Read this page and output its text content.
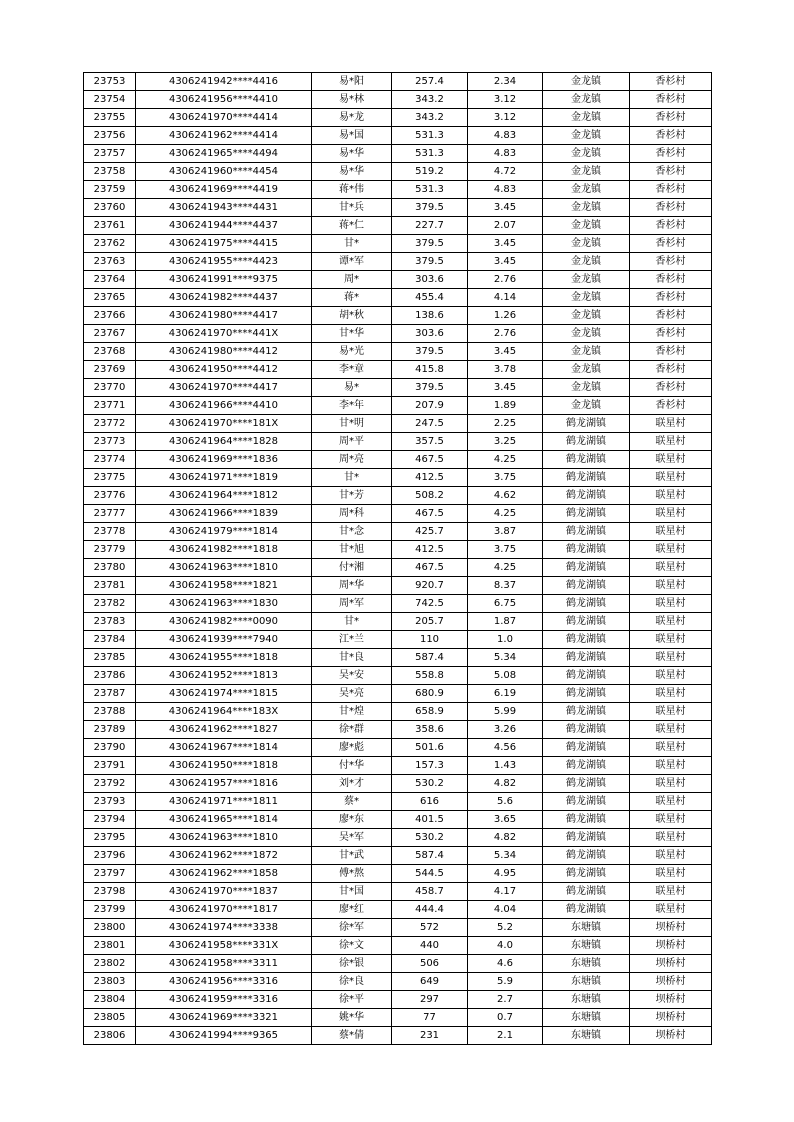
23753	4306241942****4416	易*阳	257.4	2.34	金龙镇	香杉村
23754	4306241956****4410	易*林	343.2	3.12	金龙镇	香杉村
23755	4306241970****4414	易*龙	343.2	3.12	金龙镇	香杉村
23756	4306241962****4414	易*国	531.3	4.83	金龙镇	香杉村
23757	4306241965****4494	易*华	531.3	4.83	金龙镇	香杉村
23758	4306241960****4454	易*华	519.2	4.72	金龙镇	香杉村
23759	4306241969****4419	蒋*伟	531.3	4.83	金龙镇	香杉村
23760	4306241943****4431	甘*兵	379.5	3.45	金龙镇	香杉村
23761	4306241944****4437	蒋*仁	227.7	2.07	金龙镇	香杉村
23762	4306241975****4415	甘*	379.5	3.45	金龙镇	香杉村
23763	4306241955****4423	谭*军	379.5	3.45	金龙镇	香杉村
23764	4306241991****9375	周*	303.6	2.76	金龙镇	香杉村
23765	4306241982****4437	蒋*	455.4	4.14	金龙镇	香杉村
23766	4306241980****4417	胡*秋	138.6	1.26	金龙镇	香杉村
23767	4306241970****441X	甘*华	303.6	2.76	金龙镇	香杉村
23768	4306241980****4412	易*光	379.5	3.45	金龙镇	香杉村
23769	4306241950****4412	李*章	415.8	3.78	金龙镇	香杉村
23770	4306241970****4417	易*	379.5	3.45	金龙镇	香杉村
23771	4306241966****4410	李*年	207.9	1.89	金龙镇	香杉村
23772	4306241970****181X	甘*明	247.5	2.25	鹤龙湖镇	联星村
23773	4306241964****1828	周*平	357.5	3.25	鹤龙湖镇	联星村
23774	4306241969****1836	周*亮	467.5	4.25	鹤龙湖镇	联星村
23775	4306241971****1819	甘*	412.5	3.75	鹤龙湖镇	联星村
23776	4306241964****1812	甘*芳	508.2	4.62	鹤龙湖镇	联星村
23777	4306241966****1839	周*科	467.5	4.25	鹤龙湖镇	联星村
23778	4306241979****1814	甘*念	425.7	3.87	鹤龙湖镇	联星村
23779	4306241982****1818	甘*旭	412.5	3.75	鹤龙湖镇	联星村
23780	4306241963****1810	付*湘	467.5	4.25	鹤龙湖镇	联星村
23781	4306241958****1821	周*华	920.7	8.37	鹤龙湖镇	联星村
23782	4306241963****1830	周*军	742.5	6.75	鹤龙湖镇	联星村
23783	4306241982****0090	甘*	205.7	1.87	鹤龙湖镇	联星村
23784	4306241939****7940	江*兰	110	1.0	鹤龙湖镇	联星村
23785	4306241955****1818	甘*良	587.4	5.34	鹤龙湖镇	联星村
23786	4306241952****1813	吴*安	558.8	5.08	鹤龙湖镇	联星村
23787	4306241974****1815	吴*亮	680.9	6.19	鹤龙湖镇	联星村
23788	4306241964****183X	甘*煌	658.9	5.99	鹤龙湖镇	联星村
23789	4306241962****1827	徐*群	358.6	3.26	鹤龙湖镇	联星村
23790	4306241967****1814	廖*彪	501.6	4.56	鹤龙湖镇	联星村
23791	4306241950****1818	付*华	157.3	1.43	鹤龙湖镇	联星村
23792	4306241957****1816	刘*才	530.2	4.82	鹤龙湖镇	联星村
23793	4306241971****1811	蔡*	616	5.6	鹤龙湖镇	联星村
23794	4306241965****1814	廖*东	401.5	3.65	鹤龙湖镇	联星村
23795	4306241963****1810	吴*军	530.2	4.82	鹤龙湖镇	联星村
23796	4306241962****1872	甘*武	587.4	5.34	鹤龙湖镇	联星村
23797	4306241962****1858	傅*熬	544.5	4.95	鹤龙湖镇	联星村
23798	4306241970****1837	甘*国	458.7	4.17	鹤龙湖镇	联星村
23799	4306241970****1817	廖*红	444.4	4.04	鹤龙湖镇	联星村
23800	4306241974****3338	徐*军	572	5.2	东塘镇	坝桥村
23801	4306241958****331X	徐*文	440	4.0	东塘镇	坝桥村
23802	4306241958****3311	徐*银	506	4.6	东塘镇	坝桥村
23803	4306241956****3316	徐*良	649	5.9	东塘镇	坝桥村
23804	4306241959****3316	徐*平	297	2.7	东塘镇	坝桥村
23805	4306241969****3321	姚*华	77	0.7	东塘镇	坝桥村
23806	4306241994****9365	蔡*倩	231	2.1	东塘镇	坝桥村
